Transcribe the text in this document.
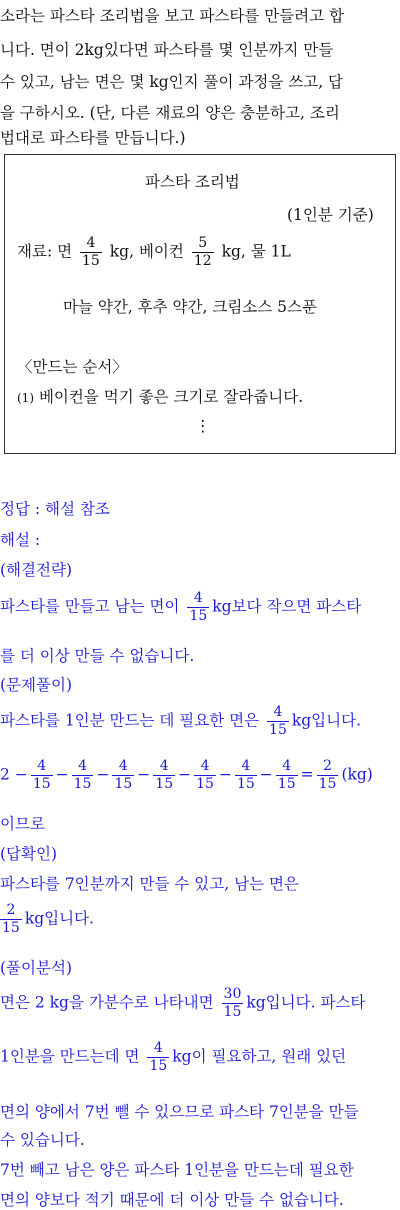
소라는 파스타 조리법을 보고 파스타를 만들려고 합
니다. 면이 2kg있다면 파스타를 몇 인분까지 만들
수 있고, 남는 면은 몇 kg인지 풀이 과정을 쓰고, 답
을 구하시오. (단, 다른 재료의 양은 충분하고, 조리
법대로 파스타를 만듭니다.)
파스타 조리법
(1인분 기준)
재료: 면 $\frac{4}{15}$ kg, 베이컨 $\frac{5}{12}$ kg, 물 1L
마늘 약간, 후추 약간, 크림소스 5스푼
〈만드는 순서〉
(1) 베이컨을 먹기 좋은 크기로 잘라줍니다.
⋮
정답 : 해설 참조
해설 :
(해결전략)
파스타를 만들고 남는 면이 $\frac{4}{15}$ kg보다 작으면 파스타
를 더 이상 만들 수 없습니다.
(문제풀이)
파스타를 1인분 만드는 데 필요한 면은 $\frac{4}{15}$ kg입니다.
$2 - \frac{4}{15} - \frac{4}{15} - \frac{4}{15} - \frac{4}{15} - \frac{4}{15} - \frac{4}{15} - \frac{4}{15} = \frac{2}{15} (kg)$
이므로
(답확인)
파스타를 7인분까지 만들 수 있고, 남는 면은
$\frac{2}{15}$ kg입니다.
(풀이분석)
면은 2 kg을 가분수로 나타내면 $\frac{30}{15}$ kg입니다. 파스타
1인분을 만드는데 면 $\frac{4}{15}$ kg이 필요하고, 원래 있던
면의 양에서 7번 뺄 수 있으므로 파스타 7인분을 만들
수 있습니다.
7번 빼고 남은 양은 파스타 1인분을 만드는데 필요한
면의 양보다 적기 때문에 더 이상 만들 수 없습니다.
